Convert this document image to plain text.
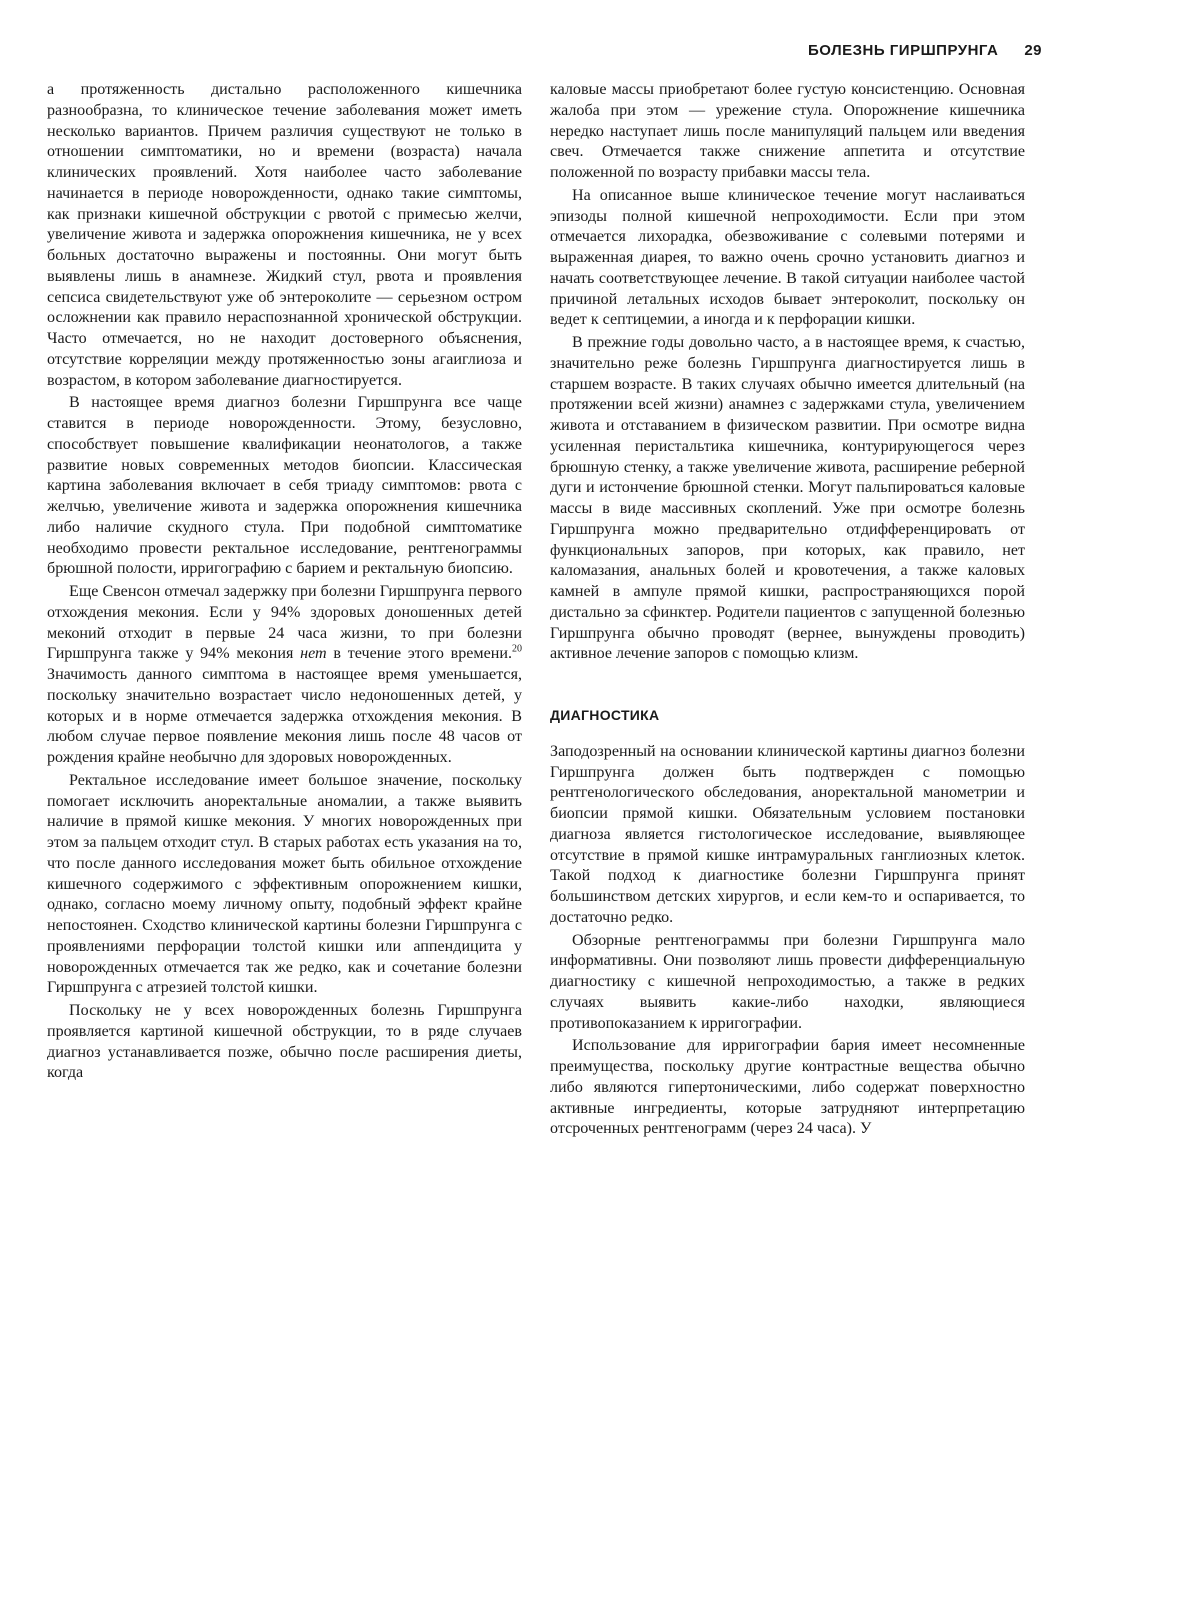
БОЛЕЗНЬ ГИРШПРУНГА 29

а протяженность дистально расположенного кишечника разнообразна, то клиническое течение заболевания может иметь несколько вариантов. Причем различия существуют не только в отношении симптоматики, но и времени (возраста) начала клинических проявлений. Хотя наиболее часто заболевание начинается в периоде новорожденности, однако такие симптомы, как признаки кишечной обструкции с рвотой с примесью желчи, увеличение живота и задержка опорожнения кишечника, не у всех больных достаточно выражены и постоянны. Они могут быть выявлены лишь в анамнезе. Жидкий стул, рвота и проявления сепсиса свидетельствуют уже об энтероколите — серьезном остром осложнении как правило нераспознанной хронической обструкции. Часто отмечается, но не находит достоверного объяснения, отсутствие корреляции между протяженностью зоны агаиглиоза и возрастом, в котором заболевание диагностируется.

В настоящее время диагноз болезни Гиршпрунга все чаще ставится в периоде новорожденности. Этому, безусловно, способствует повышение квалификации неонатологов, а также развитие новых современных методов биопсии. Классическая картина заболевания включает в себя триаду симптомов: рвота с желчью, увеличение живота и задержка опорожнения кишечника либо наличие скудного стула. При подобной симптоматике необходимо провести ректальное исследование, рентгенограммы брюшной полости, ирригографию с барием и ректальную биопсию.

Еще Свенсон отмечал задержку при болезни Гиршпрунга первого отхождения мекония. Если у 94% здоровых доношенных детей меконий отходит в первые 24 часа жизни, то при болезни Гиршпрунга также у 94% мекония нет в течение этого времени.$^{20}$ Значимость данного симптома в настоящее время уменьшается, поскольку значительно возрастает число недоношенных детей, у которых и в норме отмечается задержка отхождения мекония. В любом случае первое появление мекония лишь после 48 часов от рождения крайне необычно для здоровых новорожденных.

Ректальное исследование имеет большое значение, поскольку помогает исключить аноректальные аномалии, а также выявить наличие в прямой кишке мекония. У многих новорожденных при этом за пальцем отходит стул. В старых работах есть указания на то, что после данного исследования может быть обильное отхождение кишечного содержимого с эффективным опорожнением кишки, однако, согласно моему личному опыту, подобный эффект крайне непостоянен. Сходство клинической картины болезни Гиршпрунга с проявлениями перфорации толстой кишки или аппендицита у новорожденных отмечается так же редко, как и сочетание болезни Гиршпрунга с атрезией толстой кишки.

Поскольку не у всех новорожденных болезнь Гиршпрунга проявляется картиной кишечной обструкции, то в ряде случаев диагноз устанавливается позже, обычно после расширения диеты, когда

каловые массы приобретают более густую консистенцию. Основная жалоба при этом — урежение стула. Опорожнение кишечника нередко наступает лишь после манипуляций пальцем или введения свеч. Отмечается также снижение аппетита и отсутствие положенной по возрасту прибавки массы тела.

На описанное выше клиническое течение могут наслаиваться эпизоды полной кишечной непроходимости. Если при этом отмечается лихорадка, обезвоживание с солевыми потерями и выраженная диарея, то важно очень срочно установить диагноз и начать соответствующее лечение. В такой ситуации наиболее частой причиной летальных исходов бывает энтероколит, поскольку он ведет к септицемии, а иногда и к перфорации кишки.

В прежние годы довольно часто, а в настоящее время, к счастью, значительно реже болезнь Гиршпрунга диагностируется лишь в старшем возрасте. В таких случаях обычно имеется длительный (на протяжении всей жизни) анамнез с задержками стула, увеличением живота и отставанием в физическом развитии. При осмотре видна усиленная перистальтика кишечника, контурирующегося через брюшную стенку, а также увеличение живота, расширение реберной дуги и истончение брюшной стенки. Могут пальпироваться каловые массы в виде массивных скоплений. Уже при осмотре болезнь Гиршпрунга можно предварительно отдифференцировать от функциональных запоров, при которых, как правило, нет каломазания, анальных болей и кровотечения, а также каловых камней в ампуле прямой кишки, распространяющихся порой дистально за сфинктер. Родители пациентов с запущенной болезнью Гиршпрунга обычно проводят (вернее, вынуждены проводить) активное лечение запоров с помощью клизм.

ДИАГНОСТИКА

Заподозренный на основании клинической картины диагноз болезни Гиршпрунга должен быть подтвержден с помощью рентгенологического обследования, аноректальной манометрии и биопсии прямой кишки. Обязательным условием постановки диагноза является гистологическое исследование, выявляющее отсутствие в прямой кишке интрамуральных ганглиозных клеток. Такой подход к диагностике болезни Гиршпрунга принят большинством детских хирургов, и если кем-то и оспаривается, то достаточно редко.

Обзорные рентгенограммы при болезни Гиршпрунга мало информативны. Они позволяют лишь провести дифференциальную диагностику с кишечной непроходимостью, а также в редких случаях выявить какие-либо находки, являющиеся противопоказанием к ирригографии.

Использование для ирригографии бария имеет несомненные преимущества, поскольку другие контрастные вещества обычно либо являются гипертоническими, либо содержат поверхностно активные ингредиенты, которые затрудняют интерпретацию отсроченных рентгенограмм (через 24 часа). У
